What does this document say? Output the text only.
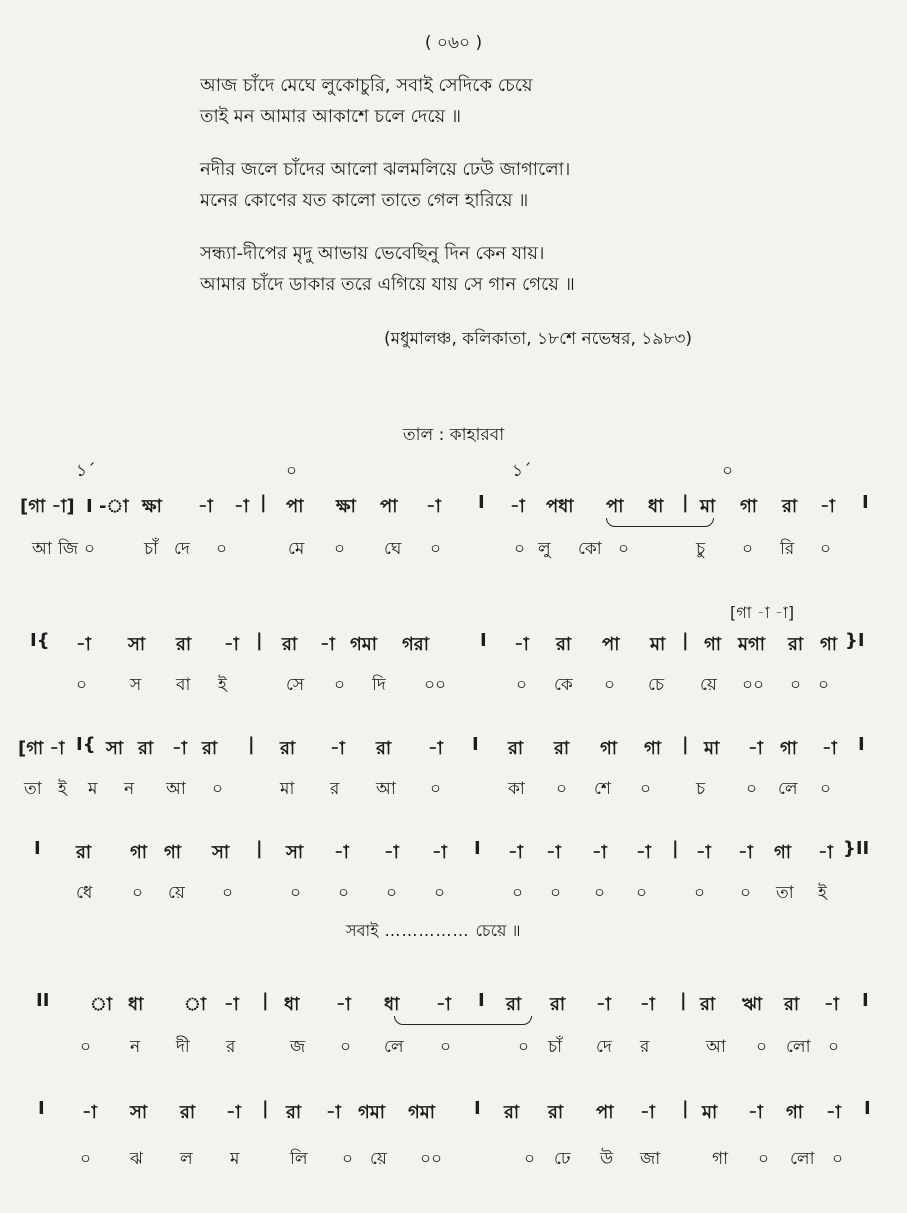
( ০৬০ )
আজ চাঁদে মেঘে লুকোচুরি, সবাই সেদিকে চেয়ে
তাই মন আমার আকাশে চলে দেয়ে ॥
নদীর জলে চাঁদের আলো ঝলমলিয়ে ঢেউ জাগালো।
মনের কোণের যত কালো তাতে গেল হারিয়ে ॥
সন্ধ্যা-দীপের মৃদু আভায় ভেবেছিনু দিন কেন যায়।
আমার চাঁদে ডাকার তরে এগিয়ে যায় সে গান গেয়ে ॥
(মধুমালঞ্চ, কলিকাতা, ১৮শে নভেম্বর, ১৯৮৩)
তাল : কাহারবা
১´	০	১´	০
[গা -া] I -া ক্ষা -া -া | পা ক্ষা পা -া I -া পধা পা ধা | মা গা রা -া I
আ জি ০	চাঁ দে ০	মে ০ ঘে ০	০ লু কো ০	চু ০ রি ০
[গা -া -া]
I{ -া সা রা -া | রা -া গমা গরা	I -া রা পা মা | গা মগা রা গা }I
০	স বা ই	সে ০ দি ০০	০ কে ০ চে য়ে ০০ ০ ০
[গা -া I{ সা রা -া রা | রা -া রা -া I রা রা গা গা | মা -া গা -া I
তা ই ম ন আ ০	মা র আ ০	কা ০ শে ০	চ ০ লে ০
I রা গা গা সা | সা -া -া -া I -া -া -া -া | -া -া গা -া }II
ধে ০ য়ে ০	০ ০ ০ ০	০ ০ ০ ০	০ ০ তা ই
সবাই …………… চেয়ে ॥
II া ধা া -া | ধা -া ধা -া I রা রা -া -া | রা ঋা রা -া I
০ ন দী র	জ ০ লে ০	০ চাঁ দে র	আ ০ লো ০
I -া সা রা -া | রা -া গমা গমা I রা রা পা -া | মা -া গা -া I
০ ঝ ল ম	লি ০ য়ে ০০	০ ঢে উ জা	গা ০ লো ০
